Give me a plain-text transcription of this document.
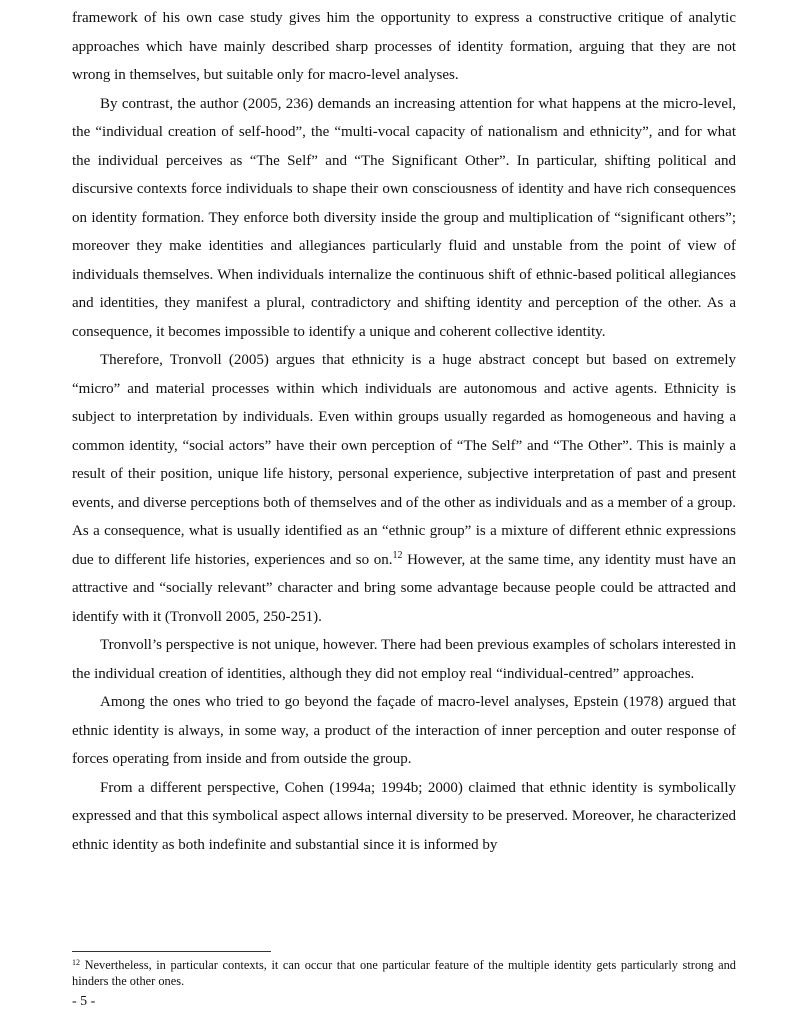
framework of his own case study gives him the opportunity to express a constructive critique of analytic approaches which have mainly described sharp processes of identity formation, arguing that they are not wrong in themselves, but suitable only for macro-level analyses.

By contrast, the author (2005, 236) demands an increasing attention for what happens at the micro-level, the “individual creation of self-hood”, the “multi-vocal capacity of nationalism and ethnicity”, and for what the individual perceives as “The Self” and “The Significant Other”. In particular, shifting political and discursive contexts force individuals to shape their own consciousness of identity and have rich consequences on identity formation. They enforce both diversity inside the group and multiplication of “significant others”; moreover they make identities and allegiances particularly fluid and unstable from the point of view of individuals themselves. When individuals internalize the continuous shift of ethnic-based political allegiances and identities, they manifest a plural, contradictory and shifting identity and perception of the other. As a consequence, it becomes impossible to identify a unique and coherent collective identity.

Therefore, Tronvoll (2005) argues that ethnicity is a huge abstract concept but based on extremely “micro” and material processes within which individuals are autonomous and active agents. Ethnicity is subject to interpretation by individuals. Even within groups usually regarded as homogeneous and having a common identity, “social actors” have their own perception of “The Self” and “The Other”. This is mainly a result of their position, unique life history, personal experience, subjective interpretation of past and present events, and diverse perceptions both of themselves and of the other as individuals and as a member of a group. As a consequence, what is usually identified as an “ethnic group” is a mixture of different ethnic expressions due to different life histories, experiences and so on.$^{12}$ However, at the same time, any identity must have an attractive and “socially relevant” character and bring some advantage because people could be attracted and identify with it (Tronvoll 2005, 250-251).

Tronvoll’s perspective is not unique, however. There had been previous examples of scholars interested in the individual creation of identities, although they did not employ real “individual-centred” approaches.

Among the ones who tried to go beyond the façade of macro-level analyses, Epstein (1978) argued that ethnic identity is always, in some way, a product of the interaction of inner perception and outer response of forces operating from inside and from outside the group.

From a different perspective, Cohen (1994a; 1994b; 2000) claimed that ethnic identity is symbolically expressed and that this symbolical aspect allows internal diversity to be preserved. Moreover, he characterized ethnic identity as both indefinite and substantial since it is informed by

$^{12}$ Nevertheless, in particular contexts, it can occur that one particular feature of the multiple identity gets particularly strong and hinders the other ones.

- 5 -
